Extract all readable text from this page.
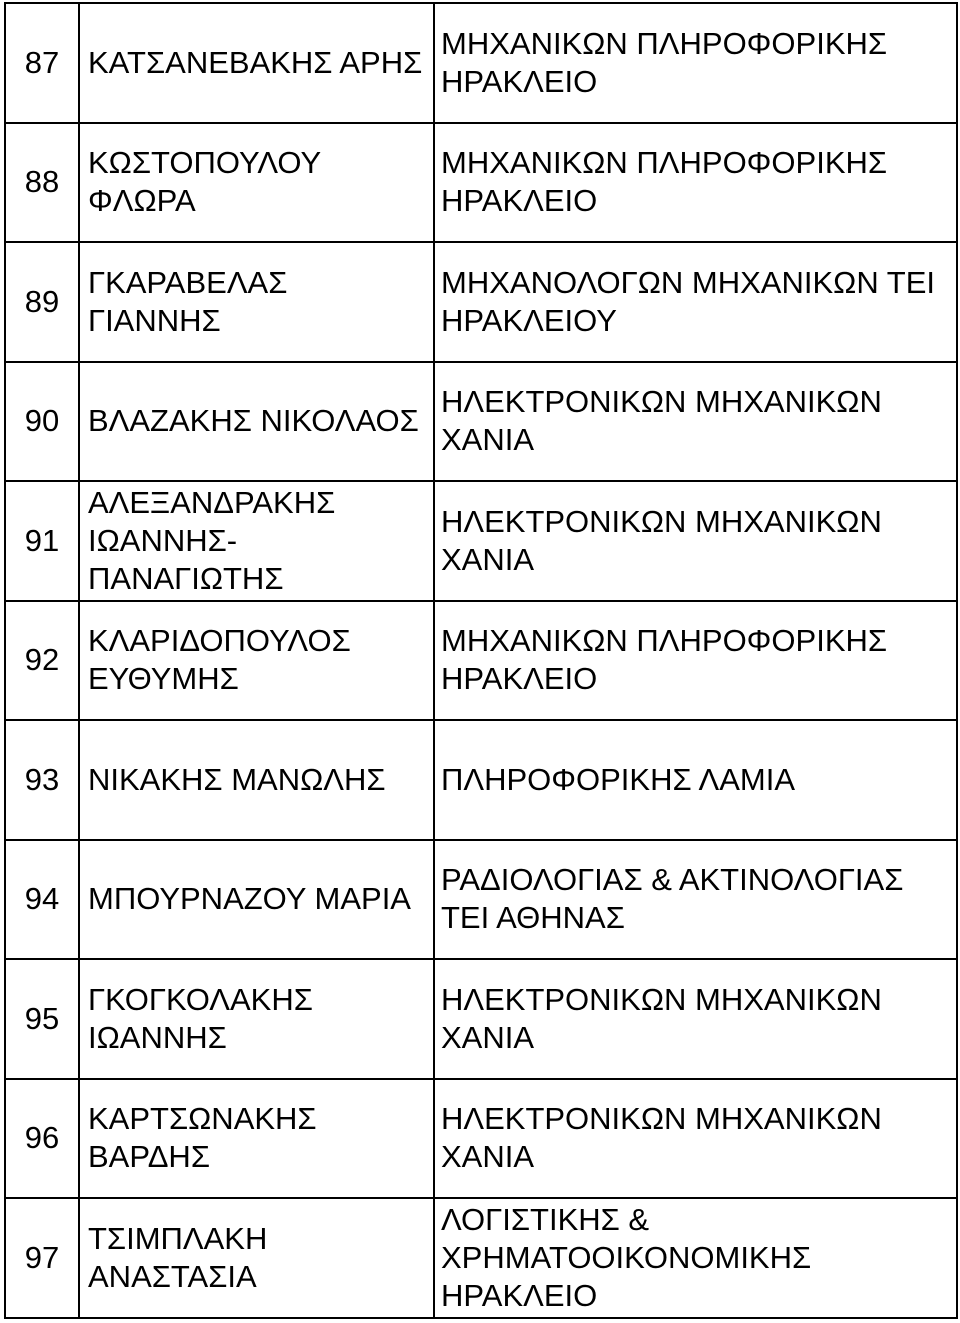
87 ΚΑΤΣΑΝΕΒΑΚΗΣ ΑΡΗΣ
ΜΗΧΑΝΙΚΩΝ ΠΛΗΡΟΦΟΡΙΚΗΣ
ΗΡΑΚΛΕΙΟ
88
ΚΩΣΤΟΠΟΥΛΟΥ
ΦΛΩΡΑ
ΜΗΧΑΝΙΚΩΝ ΠΛΗΡΟΦΟΡΙΚΗΣ
ΗΡΑΚΛΕΙΟ
89
ΓΚΑΡΑΒΕΛΑΣ
ΓΙΑΝΝΗΣ
ΜΗΧΑΝΟΛΟΓΩΝ ΜΗΧΑΝΙΚΩΝ ΤΕΙ
ΗΡΑΚΛΕΙΟΥ
90 ΒΛΑΖΑΚΗΣ ΝΙΚΟΛΑΟΣ
ΗΛΕΚΤΡΟΝΙΚΩΝ ΜΗΧΑΝΙΚΩΝ
ΧΑΝΙΑ
91
ΑΛΕΞΑΝΔΡΑΚΗΣ
ΙΩΑΝΝΗΣ-
ΠΑΝΑΓΙΩΤΗΣ
ΗΛΕΚΤΡΟΝΙΚΩΝ ΜΗΧΑΝΙΚΩΝ
ΧΑΝΙΑ
92
ΚΛΑΡΙΔΟΠΟΥΛΟΣ
ΕΥΘΥΜΗΣ
ΜΗΧΑΝΙΚΩΝ ΠΛΗΡΟΦΟΡΙΚΗΣ
ΗΡΑΚΛΕΙΟ
93 ΝΙΚΑΚΗΣ ΜΑΝΩΛΗΣ	ΠΛΗΡΟΦΟΡΙΚΗΣ ΛΑΜΙΑ
94 ΜΠΟΥΡΝΑΖΟΥ ΜΑΡΙΑ
ΡΑΔΙΟΛΟΓΙΑΣ & ΑΚΤΙΝΟΛΟΓΙΑΣ
ΤΕΙ ΑΘΗΝΑΣ
95
ΓΚΟΓΚΟΛΑΚΗΣ
ΙΩΑΝΝΗΣ
ΗΛΕΚΤΡΟΝΙΚΩΝ ΜΗΧΑΝΙΚΩΝ
ΧΑΝΙΑ
96
ΚΑΡΤΣΩΝΑΚΗΣ
ΒΑΡΔΗΣ
ΗΛΕΚΤΡΟΝΙΚΩΝ ΜΗΧΑΝΙΚΩΝ
ΧΑΝΙΑ
97
ΤΣΙΜΠΛΑΚΗ
ΑΝΑΣΤΑΣΙΑ
ΛΟΓΙΣΤΙΚΗΣ &
ΧΡΗΜΑΤΟΟΙΚΟΝΟΜΙΚΗΣ
ΗΡΑΚΛΕΙΟ
